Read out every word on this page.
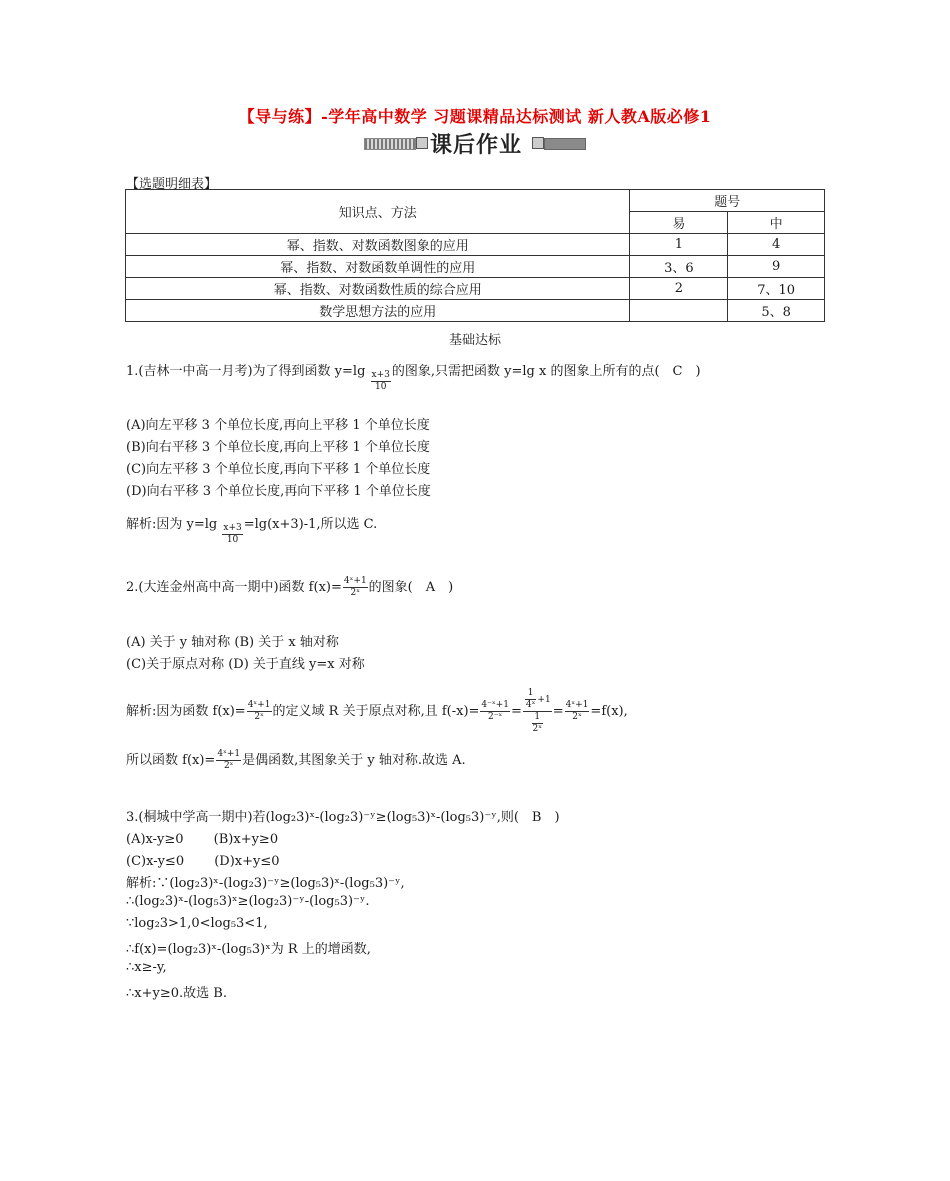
【导与练】-学年高中数学 习题课精品达标测试 新人教A版必修1
课后作业
【选题明细表】
知识点、方法	题号	
	易	中
幂、指数、对数函数图象的应用	1	4
幂、指数、对数函数单调性的应用	3、6	9
幂、指数、对数函数性质的综合应用	2	7、10
数学思想方法的应用		5、8
基础达标
1.(吉林一中高一月考)为了得到函数 $y=\lg \frac{x+3}{10}$ 的图象,只需把函数 y=lg x 的图象上所有的点(　C　)
(A)向左平移 3 个单位长度,再向上平移 1 个单位长度
(B)向右平移 3 个单位长度,再向上平移 1 个单位长度
(C)向左平移 3 个单位长度,再向下平移 1 个单位长度
(D)向右平移 3 个单位长度,再向下平移 1 个单位长度
解析:因为 $y=\lg \frac{x+3}{10} =\lg(x+3)-1$,所以选 C.
2.(大连金州高中高一期中)函数 $f(x)= \frac{\text{4ˣ+1}}{\text{2ˣ}}$ 的图象(　A　)
(A) 关于 y 轴对称 (B) 关于 x 轴对称
(C)关于原点对称 (D) 关于直线 y=x 对称
解析:因为函数 $f(x)= \frac{\text{4ˣ+1}}{\text{2ˣ}}$ 的定义域 R 关于原点对称,且 $f(-x)= \frac{\text{4⁻ˣ+1}}{\text{2⁻ˣ}} = \frac{\frac{1}{\text{4ˣ}} +1}{\frac{1}{\text{2ˣ}}} = \frac{\text{4ˣ+1}}{\text{2ˣ}} =f(x)$,
所以函数 $f(x)= \frac{\text{4ˣ+1}}{\text{2ˣ}}$ 是偶函数,其图象关于 y 轴对称.故选 A.
3.(桐城中学高一期中)若(log₂3)ˣ-(log₂3)⁻ʸ≥(log₅3)ˣ-(log₅3)⁻ʸ,则(　B　)
(A)x-y≥0　　 (B)x+y≥0
(C)x-y≤0　　 (D)x+y≤0
解析:∵(log₂3)ˣ-(log₂3)⁻ʸ≥(log₅3)ˣ-(log₅3)⁻ʸ,
∴(log₂3)ˣ-(log₅3)ˣ≥(log₂3)⁻ʸ-(log₅3)⁻ʸ.
∵log₂3>1,0<log₅3<1,
∴f(x)=(log₂3)ˣ-(log₅3)ˣ为 R 上的增函数,
∴x≥-y,
∴x+y≥0.故选 B.
